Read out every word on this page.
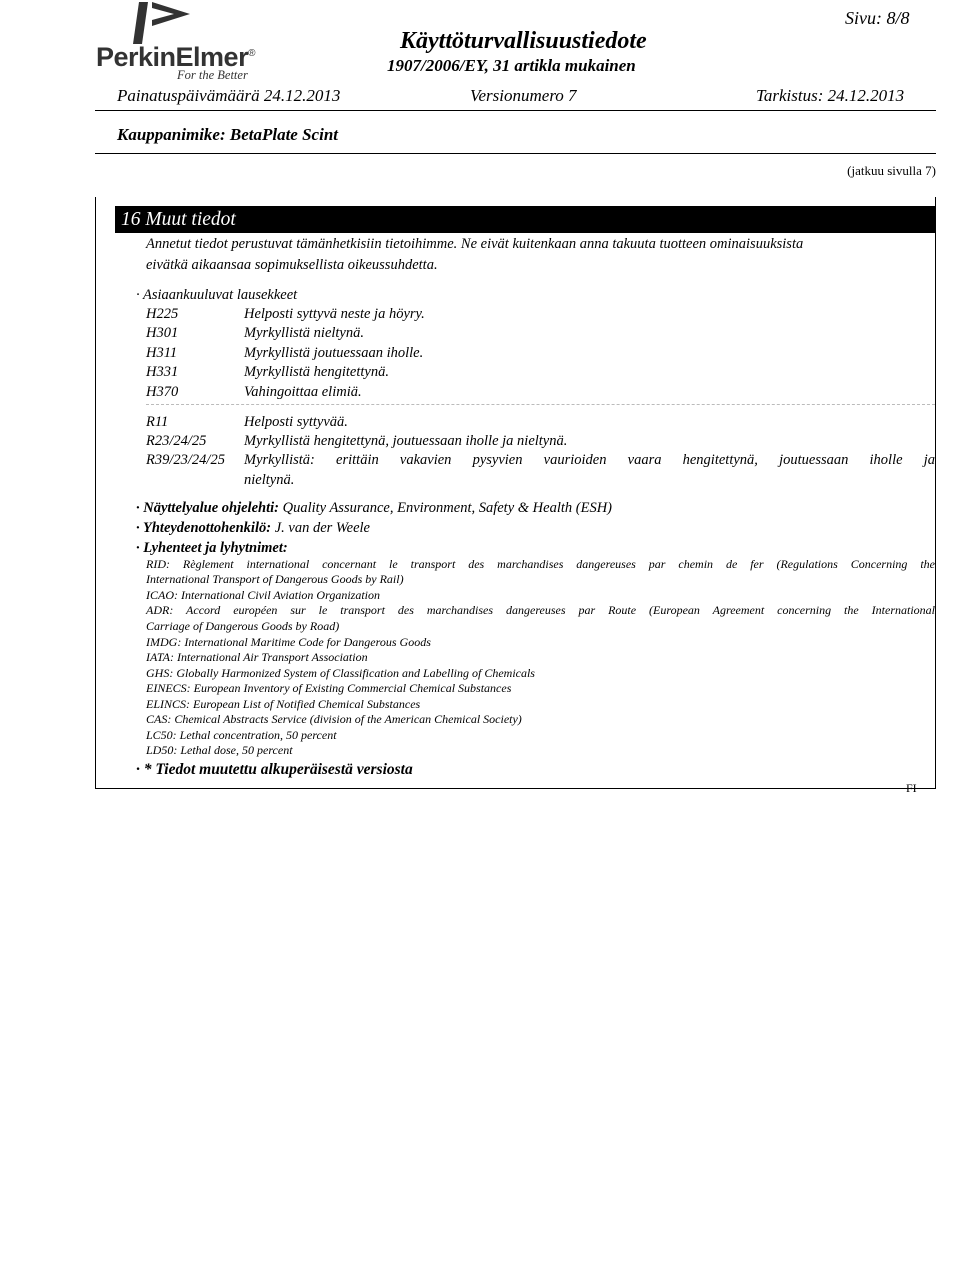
PerkinElmer®
For the Better
Käyttöturvallisuustiedote
1907/2006/EY, 31 artikla mukainen
Sivu: 8/8
Painatuspäivämäärä 24.12.2013	Versionumero 7	Tarkistus: 24.12.2013
Kauppanimike: BetaPlate Scint
(jatkuu sivulla 7)
16 Muut tiedot
Annetut tiedot perustuvat tämänhetkisiin tietoihimme. Ne eivät kuitenkaan anna takuuta tuotteen ominaisuuksista
eivätkä aikaansaa sopimuksellista oikeussuhdetta.
· Asiaankuuluvat lausekkeet
H225	Helposti syttyvä neste ja höyry.
H301	Myrkyllistä nieltynä.
H311	Myrkyllistä joutuessaan iholle.
H331	Myrkyllistä hengitettynä.
H370	Vahingoittaa elimiä.
R11	Helposti syttyvää.
R23/24/25	Myrkyllistä hengitettynä, joutuessaan iholle ja nieltynä.
R39/23/24/25 Myrkyllistä: erittäin vakavien pysyvien vaurioiden vaara hengitettynä, joutuessaan iholle ja
nieltynä.
· Näyttelyalue ohjelehti: Quality Assurance, Environment, Safety & Health (ESH)
· Yhteydenottohenkilö: J. van der Weele
· Lyhenteet ja lyhytnimet:
RID: Règlement international concernant le transport des marchandises dangereuses par chemin de fer (Regulations Concerning the
International Transport of Dangerous Goods by Rail)
ICAO: International Civil Aviation Organization
ADR: Accord européen sur le transport des marchandises dangereuses par Route (European Agreement concerning the International
Carriage of Dangerous Goods by Road)
IMDG: International Maritime Code for Dangerous Goods
IATA: International Air Transport Association
GHS: Globally Harmonized System of Classification and Labelling of Chemicals
EINECS: European Inventory of Existing Commercial Chemical Substances
ELINCS: European List of Notified Chemical Substances
CAS: Chemical Abstracts Service (division of the American Chemical Society)
LC50: Lethal concentration, 50 percent
LD50: Lethal dose, 50 percent
· * Tiedot muutettu alkuperäisestä versiosta
FI
